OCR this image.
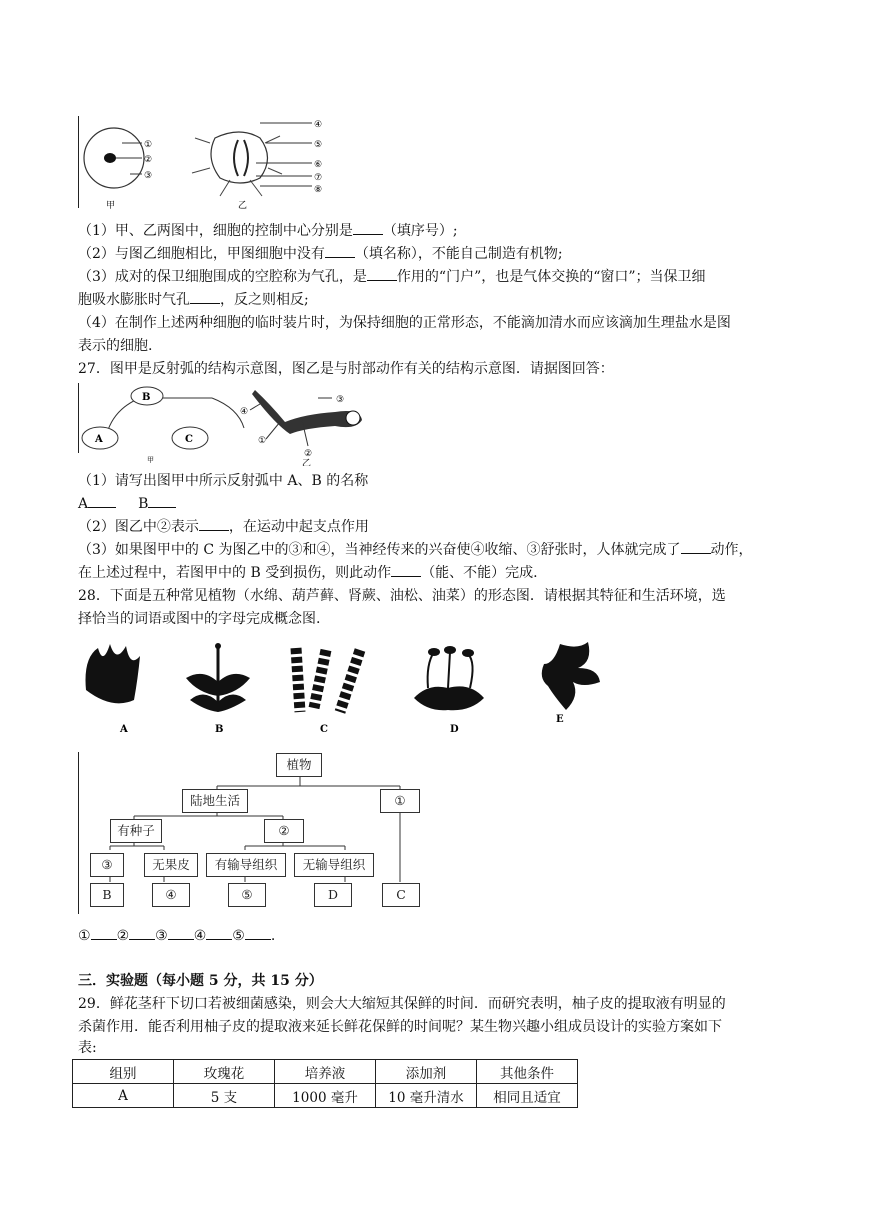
①
②
③
甲
④
⑤
⑥
⑦
⑧
乙
（1）甲、乙两图中，细胞的控制中心分别是 （填序号）;
（2）与图乙细胞相比，甲图细胞中没有 （填名称），不能自己制造有机物;
（3）成对的保卫细胞围成的空腔称为气孔，是 作用的“门户”，也是气体交换的“窗口”；当保卫细
胞吸水膨胀时气孔 ，反之则相反;
（4）在制作上述两种细胞的临时装片时，为保持细胞的正常形态，不能滴加清水而应该滴加生理盐水是图
表示的细胞.
27．图甲是反射弧的结构示意图，图乙是与肘部动作有关的结构示意图．请据图回答：
B
A	C
甲
③
④
①
②
乙
（1）请写出图甲中所示反射弧中 A、B 的名称
A	B
（2）图乙中②表示 ，在运动中起支点作用
（3）如果图甲中的 C 为图乙中的③和④，当神经传来的兴奋使④收缩、③舒张时，人体就完成了 动作，
在上述过程中，若图甲中的 B 受到损伤，则此动作 （能、不能）完成.
28．下面是五种常见植物（水绵、葫芦藓、肾蕨、油松、油菜）的形态图．请根据其特征和生活环境，选
择恰当的词语或图中的字母完成概念图.
A	B	C	D
E
植物
陆地生活	①
有种子	②
③	无果皮	有输导组织	无输导组织
B	④	⑤	D	C
① ② ③ ④ ⑤ .
三．实验题（每小题 5 分，共 15 分）
29．鲜花茎秆下切口若被细菌感染，则会大大缩短其保鲜的时间．而研究表明，柚子皮的提取液有明显的
杀菌作用．能否利用柚子皮的提取液来延长鲜花保鲜的时间呢？某生物兴趣小组成员设计的实验方案如下
表:
组别	玫瑰花	培养液	添加剂	其他条件
A	5 支	1000 毫升	10 毫升清水	相同且适宜
